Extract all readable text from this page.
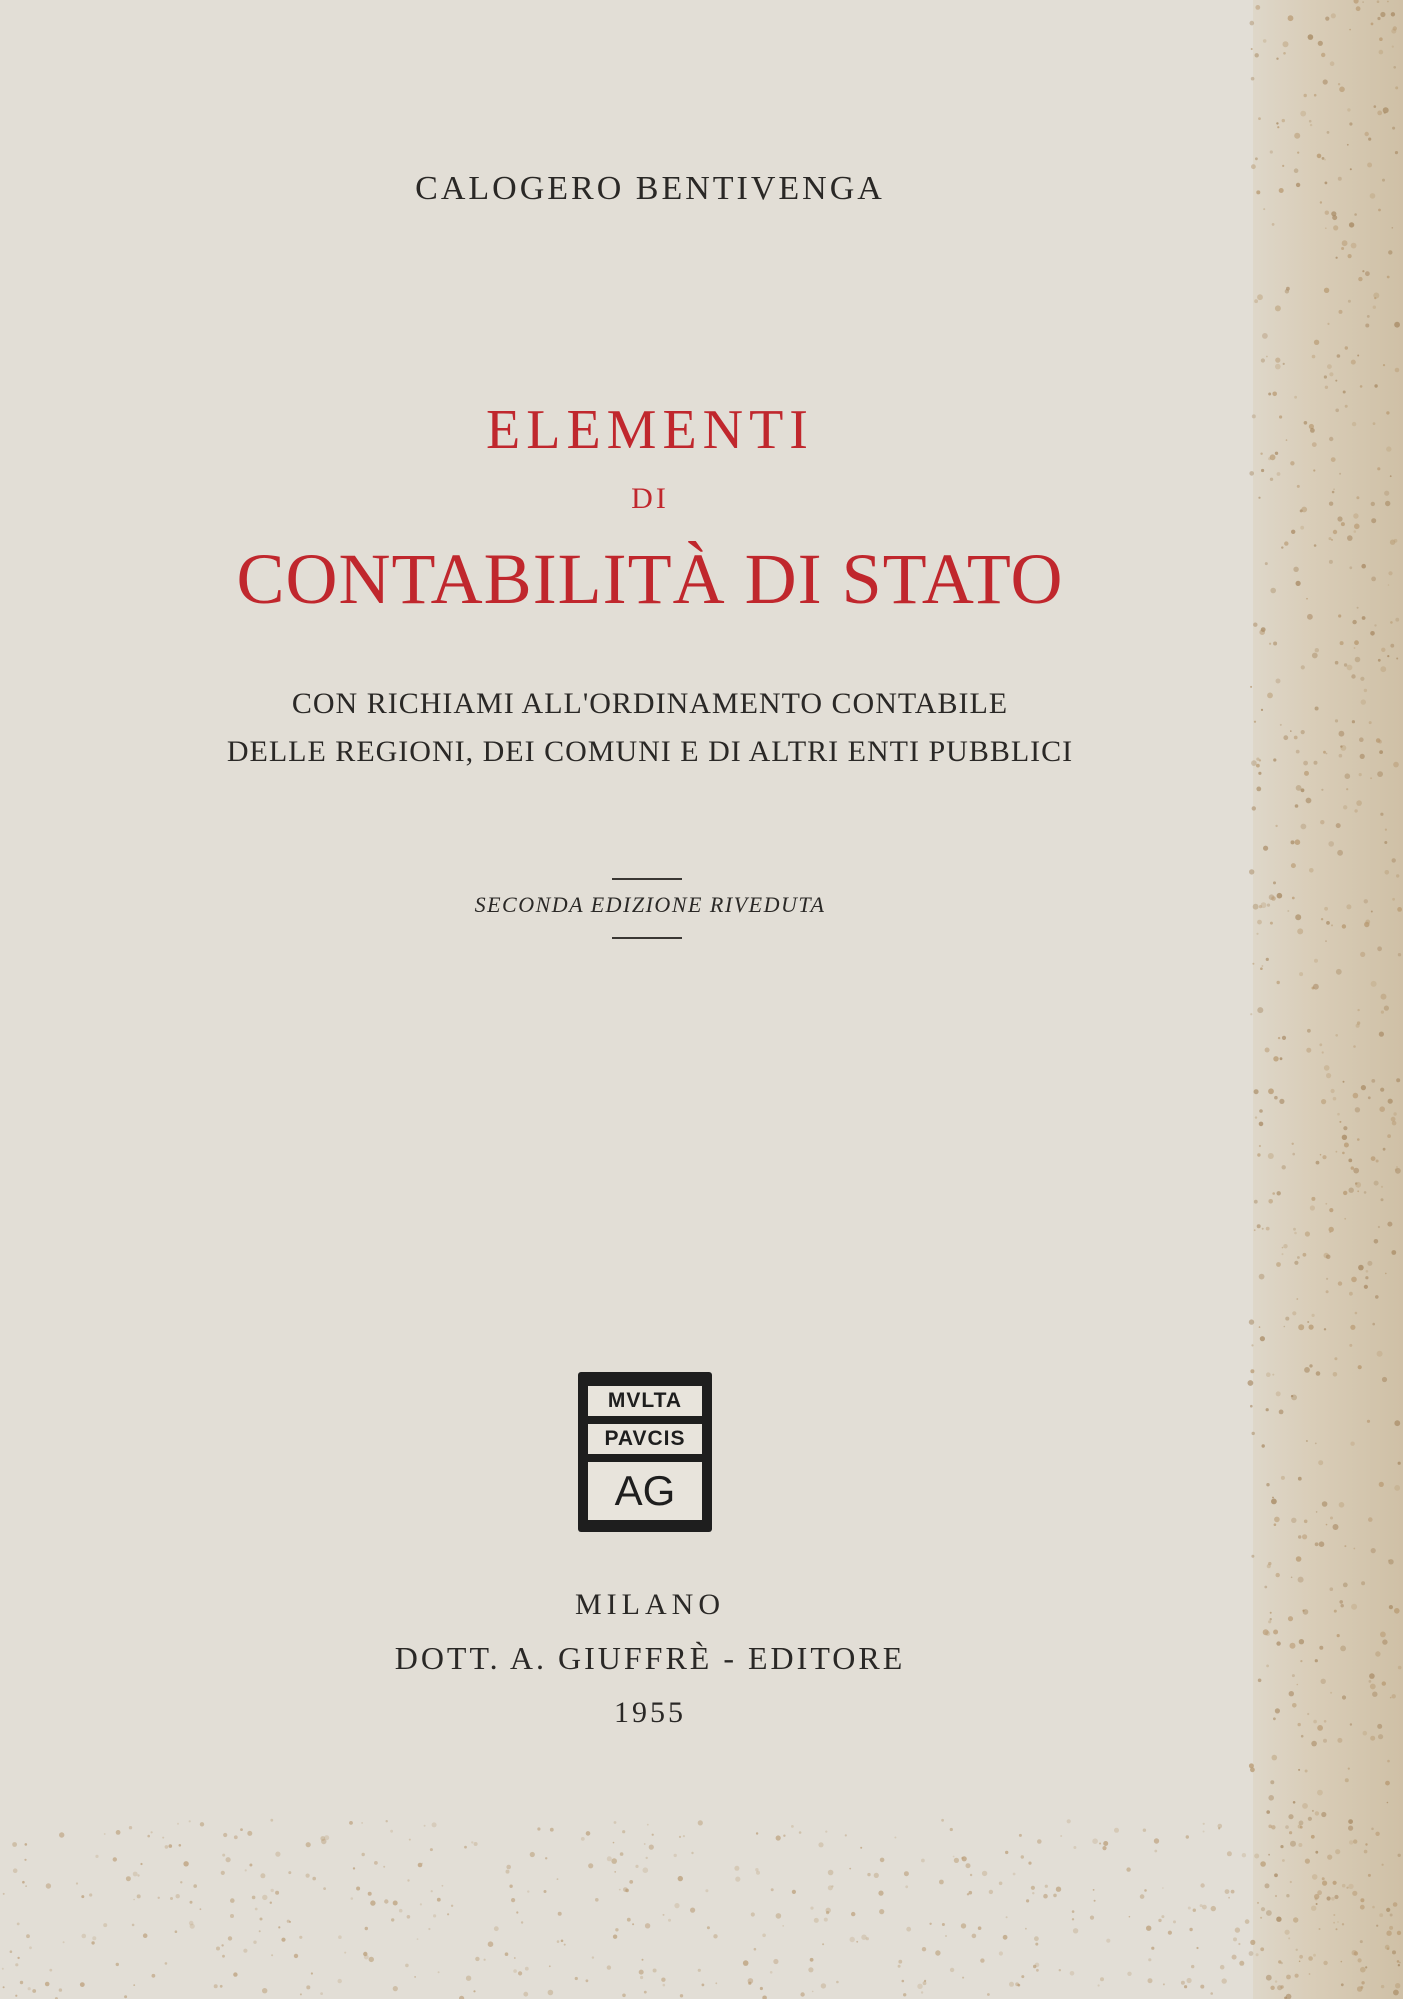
CALOGERO BENTIVENGA
ELEMENTI
DI
CONTABILITÀ DI STATO
CON RICHIAMI ALL'ORDINAMENTO CONTABILE
DELLE REGIONI, DEI COMUNI E DI ALTRI ENTI PUBBLICI
SECONDA EDIZIONE RIVEDUTA
MVLTA
PAVCIS
AG
MILANO
DOTT. A. GIUFFRÈ - EDITORE
1955
